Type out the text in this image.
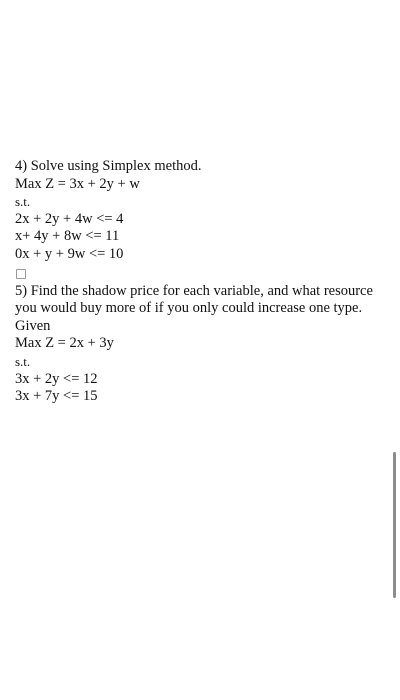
4) Solve using Simplex method.
Max Z = 3x + 2y + w
s.t.
2x + 2y + 4w <= 4
x+ 4y + 8w <= 11
0x + y + 9w <= 10
5) Find the shadow price for each variable, and what resource you would buy more of if you only could increase one type.
Given
Max Z = 2x + 3y
s.t.
3x + 2y <= 12
3x + 7y <= 15
